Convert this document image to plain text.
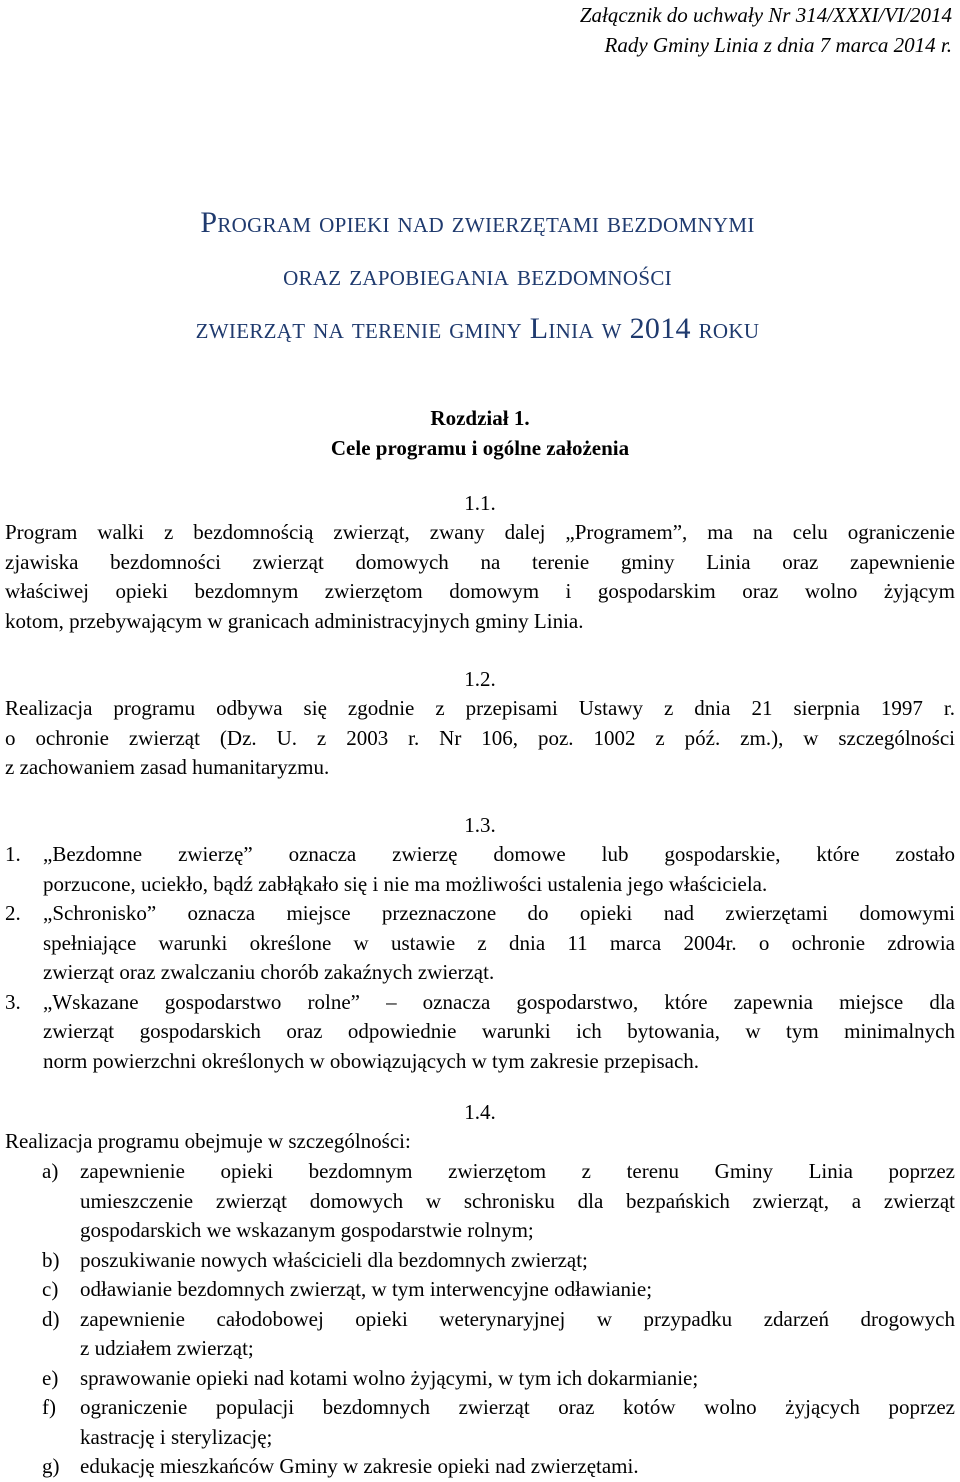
Załącznik do uchwały Nr 314/XXXI/VI/2014
Rady Gminy Linia z dnia 7 marca 2014 r.
Program opieki nad zwierzętami bezdomnymi
oraz zapobiegania bezdomności
zwierząt na terenie gminy Linia w 2014 roku
Rozdział 1.
Cele programu i ogólne założenia
1.1.
Program walki z bezdomnością zwierząt, zwany dalej „Programem”, ma na celu ograniczenie
zjawiska bezdomności zwierząt domowych na terenie gminy Linia oraz zapewnienie
właściwej opieki bezdomnym zwierzętom domowym i gospodarskim oraz wolno żyjącym
kotom, przebywającym w granicach administracyjnych gminy Linia.
1.2.
Realizacja programu odbywa się zgodnie z przepisami Ustawy z dnia 21 sierpnia 1997 r.
o ochronie zwierząt (Dz. U. z 2003 r. Nr 106, poz. 1002 z póź. zm.), w szczególności
z zachowaniem zasad humanitaryzmu.
1.3.
1. „Bezdomne zwierzę” oznacza zwierzę domowe lub gospodarskie, które zostało
porzucone, uciekło, bądź zabłąkało się i nie ma możliwości ustalenia jego właściciela.
2. „Schronisko” oznacza miejsce przeznaczone do opieki nad zwierzętami domowymi
spełniające warunki określone w ustawie z dnia 11 marca 2004r. o ochronie zdrowia
zwierząt oraz zwalczaniu chorób zakaźnych zwierząt.
3. „Wskazane gospodarstwo rolne” – oznacza gospodarstwo, które zapewnia miejsce dla
zwierząt gospodarskich oraz odpowiednie warunki ich bytowania, w tym minimalnych
norm powierzchni określonych w obowiązujących w tym zakresie przepisach.
1.4.
Realizacja programu obejmuje w szczególności:
a) zapewnienie opieki bezdomnym zwierzętom z terenu Gminy Linia poprzez
umieszczenie zwierząt domowych w schronisku dla bezpańskich zwierząt, a zwierząt
gospodarskich we wskazanym gospodarstwie rolnym;
b) poszukiwanie nowych właścicieli dla bezdomnych zwierząt;
c) odławianie bezdomnych zwierząt, w tym interwencyjne odławianie;
d) zapewnienie całodobowej opieki weterynaryjnej w przypadku zdarzeń drogowych
z udziałem zwierząt;
e) sprawowanie opieki nad kotami wolno żyjącymi, w tym ich dokarmianie;
f) ograniczenie populacji bezdomnych zwierząt oraz kotów wolno żyjących poprzez
kastrację i sterylizację;
g) edukację mieszkańców Gminy w zakresie opieki nad zwierzętami.
